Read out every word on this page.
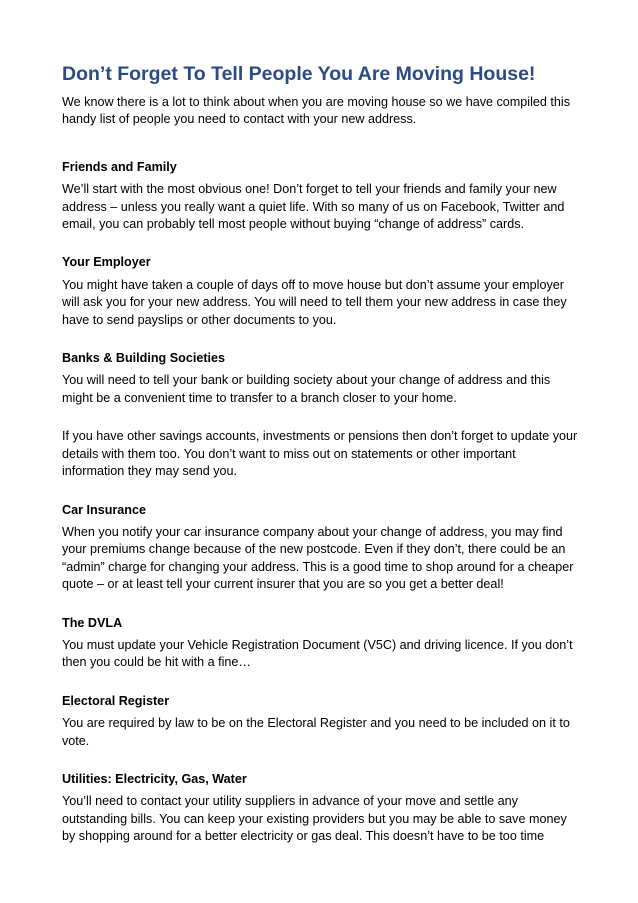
Don’t Forget To Tell People You Are Moving House!

We know there is a lot to think about when you are moving house so we have compiled this handy list of people you need to contact with your new address.

Friends and Family

We’ll start with the most obvious one! Don’t forget to tell your friends and family your new address – unless you really want a quiet life. With so many of us on Facebook, Twitter and email, you can probably tell most people without buying “change of address” cards.

Your Employer

You might have taken a couple of days off to move house but don’t assume your employer will ask you for your new address. You will need to tell them your new address in case they have to send payslips or other documents to you.

Banks & Building Societies

You will need to tell your bank or building society about your change of address and this might be a convenient time to transfer to a branch closer to your home.

If you have other savings accounts, investments or pensions then don’t forget to update your details with them too. You don’t want to miss out on statements or other important information they may send you.

Car Insurance

When you notify your car insurance company about your change of address, you may find your premiums change because of the new postcode. Even if they don’t, there could be an “admin” charge for changing your address. This is a good time to shop around for a cheaper quote – or at least tell your current insurer that you are so you get a better deal!

The DVLA

You must update your Vehicle Registration Document (V5C) and driving licence. If you don’t then you could be hit with a fine…

Electoral Register

You are required by law to be on the Electoral Register and you need to be included on it to vote.

Utilities: Electricity, Gas, Water

You’ll need to contact your utility suppliers in advance of your move and settle any outstanding bills. You can keep your existing providers but you may be able to save money by shopping around for a better electricity or gas deal. This doesn’t have to be too time
